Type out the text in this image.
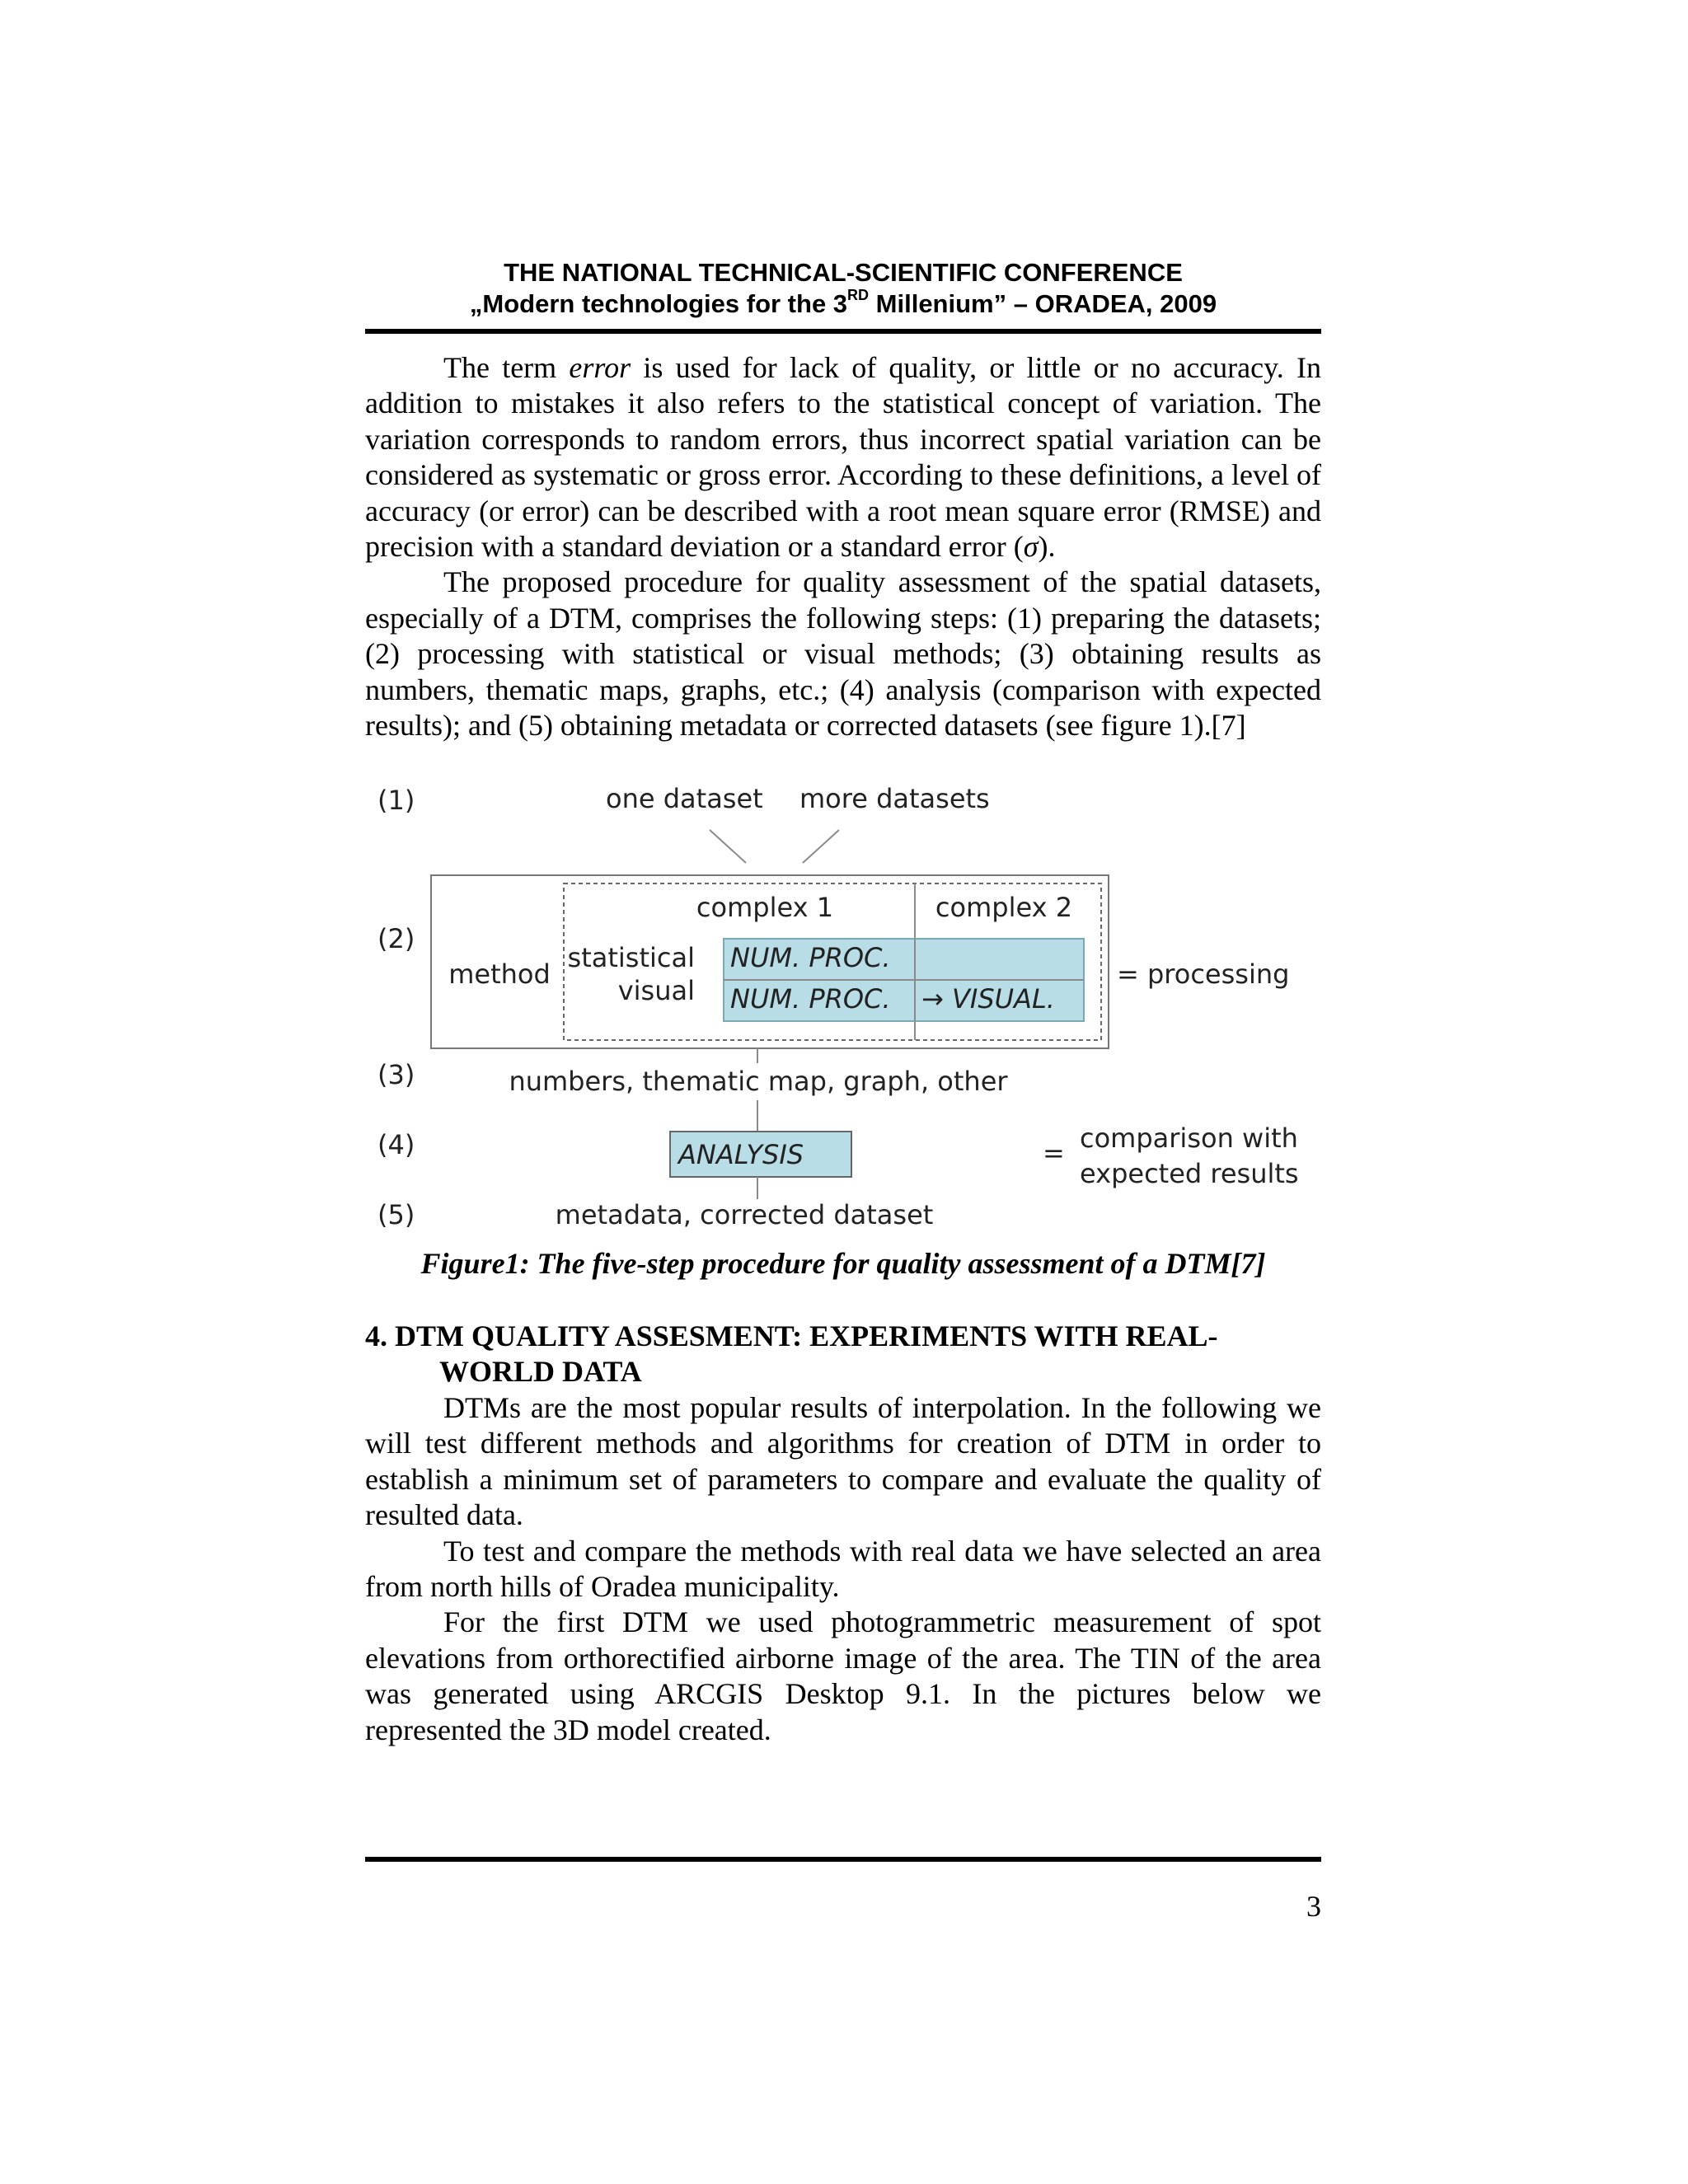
THE NATIONAL TECHNICAL-SCIENTIFIC CONFERENCE
„Modern technologies for the 3RD Millenium” – ORADEA, 2009

The term error is used for lack of quality, or little or no accuracy. In addition to mistakes it also refers to the statistical concept of variation. The variation corresponds to random errors, thus incorrect spatial variation can be considered as systematic or gross error. According to these definitions, a level of accuracy (or error) can be described with a root mean square error (RMSE) and precision with a standard deviation or a standard error (σ).

The proposed procedure for quality assessment of the spatial datasets, especially of a DTM, comprises the following steps: (1) preparing the datasets; (2) processing with statistical or visual methods; (3) obtaining results as numbers, thematic maps, graphs, etc.; (4) analysis (comparison with expected results); and (5) obtaining metadata or corrected datasets (see figure 1).[7]

(1)
(2)
(3)
(4)
(5)
one dataset more datasets
complex 1	complex 2
method
statistical
visual
NUM. PROC.
NUM. PROC. → VISUAL.
= processing
numbers, thematic map, graph, other
ANALYSIS	= comparison with
expected results
metadata, corrected dataset
Figure1: The five-step procedure for quality assessment of a DTM[7]
4. DTM QUALITY ASSESMENT: EXPERIMENTS WITH REAL-
WORLD DATA

DTMs are the most popular results of interpolation. In the following we will test different methods and algorithms for creation of DTM in order to establish a minimum set of parameters to compare and evaluate the quality of resulted data.

To test and compare the methods with real data we have selected an area from north hills of Oradea municipality.

For the first DTM we used photogrammetric measurement of spot elevations from orthorectified airborne image of the area. The TIN of the area was generated using ARCGIS Desktop 9.1. In the pictures below we represented the 3D model created.

3
